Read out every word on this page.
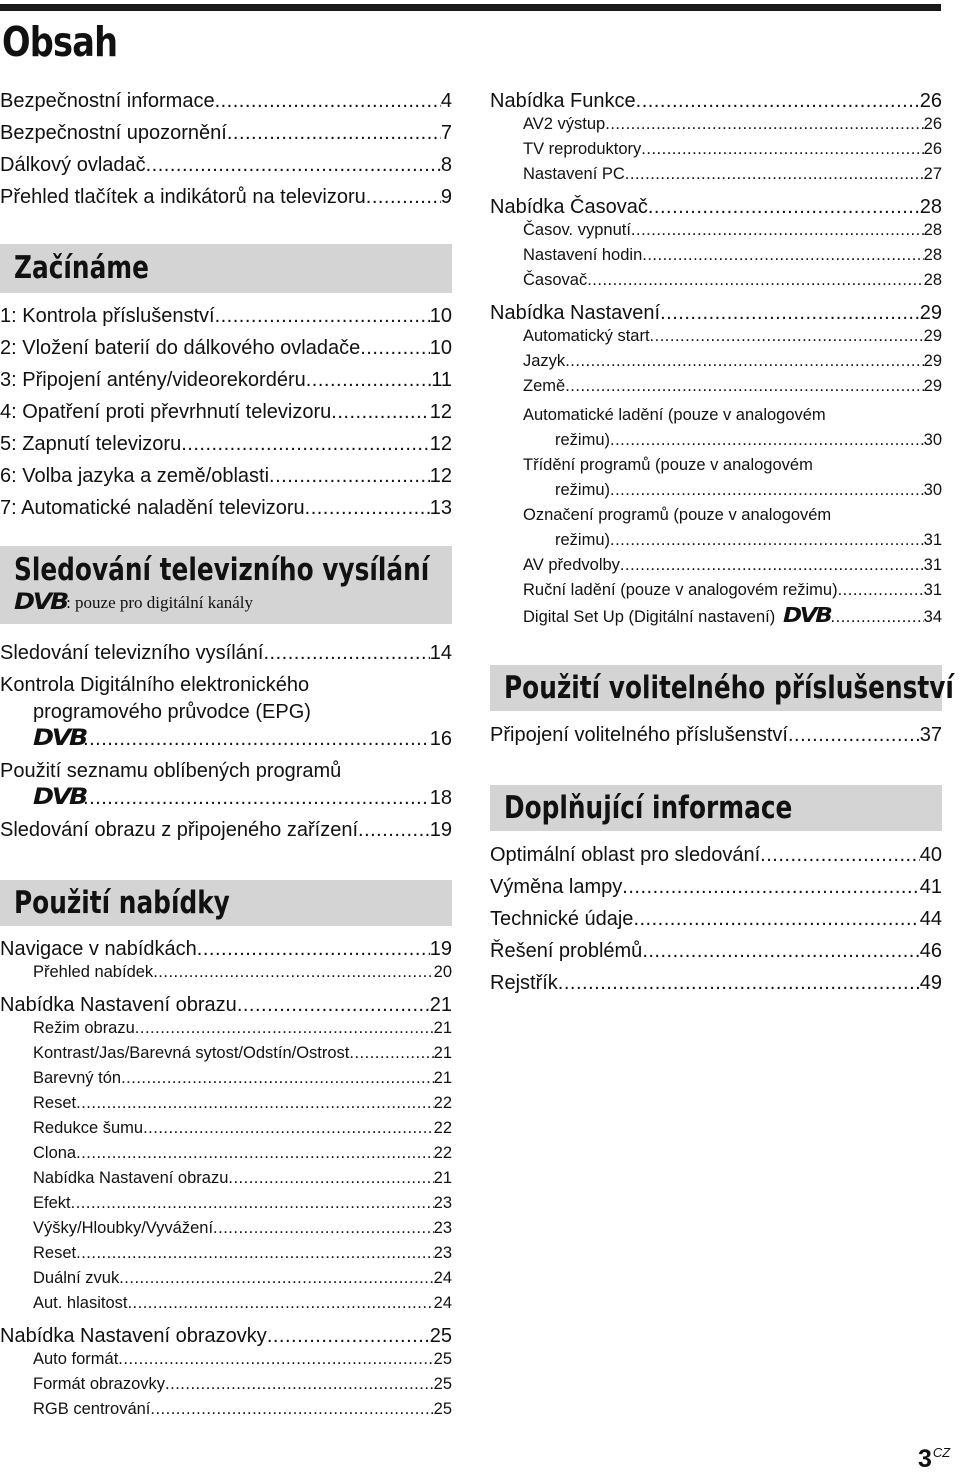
Obsah
Bezpečnostní informace .....	4
Bezpečnostní upozornění .....	7
Dálkový ovladač .....	8
Přehled tlačítek a indikátorů na televizoru .....	9
Začínáme
1: Kontrola příslušenství .....	10
2: Vložení baterií do dálkového ovladače .....	10
3: Připojení antény/videorekordéru .....	11
4: Opatření proti převrhnutí televizoru .....	12
5: Zapnutí televizoru .....	12
6: Volba jazyka a země/oblasti .....	12
7: Automatické naladění televizoru .....	13
Sledování televizního vysílání
DVB : pouze pro digitální kanály
Sledování televizního vysílání .....	14
Kontrola Digitálního elektronického
programového průvodce (EPG)
DVB .....	16
Použití seznamu oblíbených programů
DVB .....	18
Sledování obrazu z připojeného zařízení .....	19
Použití nabídky
Navigace v nabídkách .....	19
Přehled nabídek .....	20
Nabídka Nastavení obrazu .....	21
Režim obrazu .....	21
Kontrast/Jas/Barevná sytost/Odstín/Ostrost .....	21
Barevný tón .....	21
Reset .....	22
Redukce šumu .....	22
Clona .....	22
Nabídka Nastavení obrazu .....	21
Efekt .....	23
Výšky/Hloubky/Vyvážení .....	23
Reset .....	23
Duální zvuk .....	24
Aut. hlasitost .....	24
Nabídka Nastavení obrazovky .....	25
Auto formát .....	25
Formát obrazovky .....	25
RGB centrování .....	25
Nabídka Funkce .....	26
AV2 výstup .....	26
TV reproduktory .....	26
Nastavení PC .....	27
Nabídka Časovač .....	28
Časov. vypnutí .....	28
Nastavení hodin .....	28
Časovač .....	28
Nabídka Nastavení .....	29
Automatický start .....	29
Jazyk .....	29
Země .....	29
Automatické ladění (pouze v analogovém
režimu) .....	30
Třídění programů (pouze v analogovém
režimu) .....	30
Označení programů (pouze v analogovém
režimu) .....	31
AV předvolby .....	31
Ruční ladění (pouze v analogovém režimu) .....	31
Digital Set Up (Digitální nastavení) DVB .....	34
Použití volitelného příslušenství
Připojení volitelného příslušenství .....	37
Doplňující informace
Optimální oblast pro sledování .....	40
Výměna lampy .....	41
Technické údaje .....	44
Řešení problémů .....	46
Rejstřík .....	49
$3^{CZ}$
